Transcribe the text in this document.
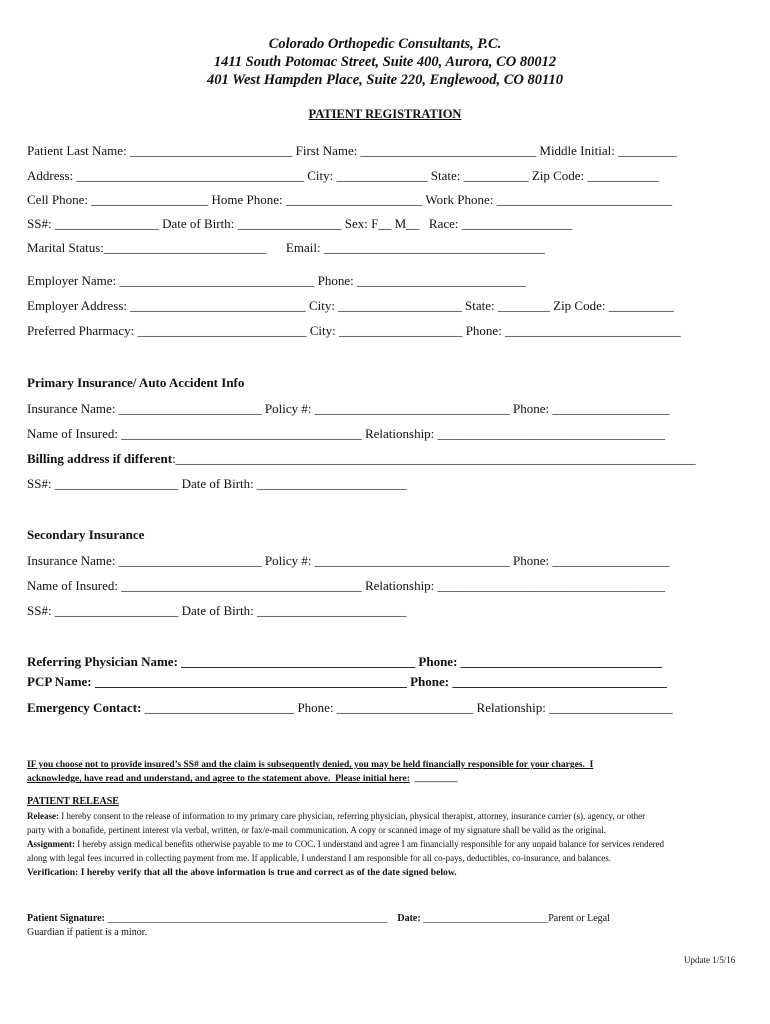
Colorado Orthopedic Consultants, P.C.
1411 South Potomac Street, Suite 400, Aurora, CO 80012
401 West Hampden Place, Suite 220, Englewood, CO 80110
PATIENT REGISTRATION
Patient Last Name: _________________________ First Name: ___________________________ Middle Initial: _________
Address: ___________________________________ City: ______________ State: __________ Zip Code: ___________
Cell Phone: __________________ Home Phone: _____________________ Work Phone: ___________________________
SS#: ________________ Date of Birth: ________________ Sex: F__ M__   Race: _________________
Marital Status:_________________________      Email: __________________________________
Employer Name: ______________________________ Phone: __________________________
Employer Address: ___________________________ City: ___________________ State: ________ Zip Code: __________
Preferred Pharmacy: __________________________ City: ___________________ Phone: ___________________________
Primary Insurance/ Auto Accident Info
Insurance Name: ______________________ Policy #: ______________________________ Phone: __________________
Name of Insured: _____________________________________ Relationship: ___________________________________
Billing address if different:________________________________________________________________________________
SS#: ___________________ Date of Birth: _______________________
Secondary Insurance
Insurance Name: ______________________ Policy #: ______________________________ Phone: __________________
Name of Insured: _____________________________________ Relationship: ___________________________________
SS#: ___________________ Date of Birth: _______________________
Referring Physician Name: ____________________________________ Phone: _______________________________
PCP Name: ________________________________________________ Phone: _________________________________
Emergency Contact: _______________________ Phone: _____________________ Relationship: ___________________
IF you choose not to provide insured’s SS# and the claim is subsequently denied, you may be held financially responsible for your charges.  I
acknowledge, have read and understand, and agree to the statement above.  Please initial here: _________
PATIENT RELEASE
Release: I hereby consent to the release of information to my primary care physician, referring physician, physical therapist, attorney, insurance carrier (s), agency, or other
party with a bonafide, pertinent interest via verbal, written, or fax/e-mail communication. A copy or scanned image of my signature shall be valid as the original.
Assignment: I hereby assign medical benefits otherwise payable to me to COC. I understand and agree I am financially responsible for any unpaid balance for services rendered
along with legal fees incurred in collecting payment from me. If applicable, I understand I am responsible for all co-pays, deductibles, co-insurance, and balances.
Verification: I hereby verify that all the above information is true and correct as of the date signed below.
Patient Signature: ________________________________________________________ Date: _________________________Parent or Legal
Guardian if patient is a minor.
Update 1/5/16
